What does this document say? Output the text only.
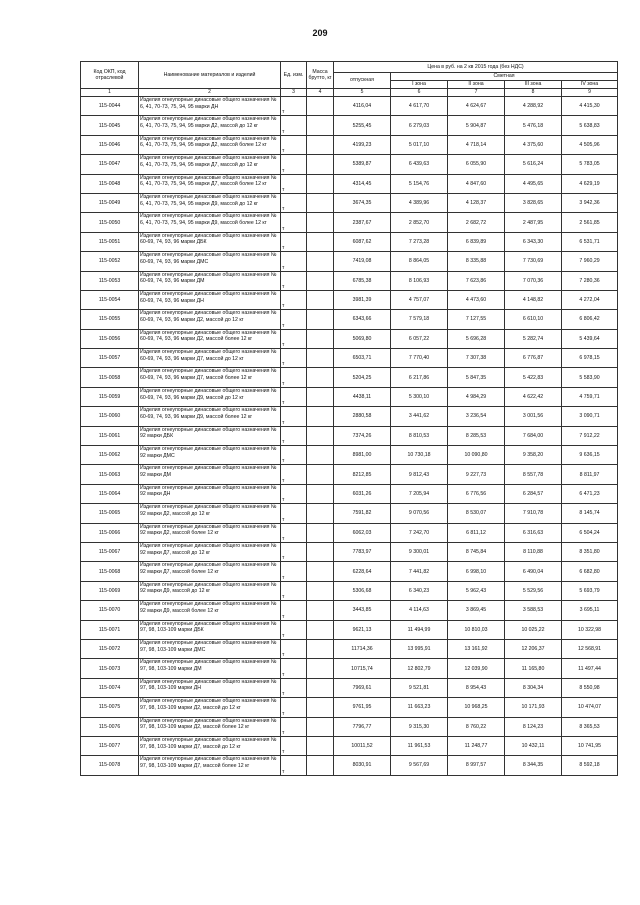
209
Код ОКП, код отраслевой	Наименование материалов и изделий	Ед. изм.	Масса брутто, кг	Цена в руб. на 2 кв 2015 года (без НДС)				
				отпускная	Сметная			
					I зона	II зона	III зона	IV зона
1	2	3	4	5	6	7	8	9
115-0044	Изделия огнеупорные динасовые общего назначения № 6, 41, 70-73, 75, 94, 95 марки ДН	т		4116,04	4 617,70	4 624,67	4 288,92	4 415,30
115-0045	Изделия огнеупорные динасовые общего назначения № 6, 41, 70-73, 75, 94, 95 марки Д2, массой до 12 кг	т		5255,45	6 279,03	5 904,87	5 476,18	5 638,83
115-0046	Изделия огнеупорные динасовые общего назначения № 6, 41, 70-73, 75, 94, 95 марки Д2, массой более 12 кг	т		4199,23	5 017,10	4 718,14	4 375,60	4 505,96
115-0047	Изделия огнеупорные динасовые общего назначения № 6, 41, 70-73, 75, 94, 95 марки Д7, массой до 12 кг	т		5389,87	6 439,63	6 055,90	5 616,24	5 783,05
115-0048	Изделия огнеупорные динасовые общего назначения № 6, 41, 70-73, 75, 94, 95 марки Д7, массой более 12 кг	т		4314,45	5 154,76	4 847,60	4 495,65	4 629,19
115-0049	Изделия огнеупорные динасовые общего назначения № 6, 41, 70-73, 75, 94, 95 марки Д9, массой до 12 кг	т		3674,35	4 389,96	4 128,37	3 828,65	3 942,36
115-0050	Изделия огнеупорные динасовые общего назначения № 6, 41, 70-73, 75, 94, 95 марки Д9, массой более 12 кг	т		2387,67	2 852,70	2 682,72	2 487,95	2 561,85
115-0051	Изделия огнеупорные динасовые общего назначения № 60-69, 74, 93, 96 марки ДБК	т		6087,62	7 273,28	6 839,89	6 343,30	6 531,71
115-0052	Изделия огнеупорные динасовые общего назначения № 60-69, 74, 93, 96 марки ДМС	т		7419,08	8 864,05	8 335,88	7 730,69	7 960,29
115-0053	Изделия огнеупорные динасовые общего назначения № 60-69, 74, 93, 96 марки ДМ	т		6785,38	8 106,93	7 623,86	7 070,36	7 280,36
115-0054	Изделия огнеупорные динасовые общего назначения № 60-69, 74, 93, 96 марки ДН	т		3981,39	4 757,07	4 473,60	4 148,82	4 272,04
115-0055	Изделия огнеупорные динасовые общего назначения № 60-69, 74, 93, 96 марки Д2, массой до 12 кг	т		6343,66	7 579,18	7 127,55	6 610,10	6 806,42
115-0056	Изделия огнеупорные динасовые общего назначения № 60-69, 74, 93, 96 марки Д2, массой более 12 кг	т		5069,80	6 057,22	5 696,28	5 282,74	5 439,64
115-0057	Изделия огнеупорные динасовые общего назначения № 60-69, 74, 93, 96 марки Д7, массой до 12 кг	т		6503,71	7 770,40	7 307,38	6 776,87	6 978,15
115-0058	Изделия огнеупорные динасовые общего назначения № 60-69, 74, 93, 96 марки Д7, массой более 12 кг	т		5204,25	6 217,86	5 847,35	5 422,83	5 583,90
115-0059	Изделия огнеупорные динасовые общего назначения № 60-69, 74, 93, 96 марки Д9, массой до 12 кг	т		4438,11	5 300,10	4 984,29	4 622,42	4 759,71
115-0060	Изделия огнеупорные динасовые общего назначения № 60-69, 74, 93, 96 марки Д9, массой более 12 кг	т		2880,58	3 441,62	3 236,54	3 001,56	3 090,71
115-0061	Изделия огнеупорные динасовые общего назначения № 92 марки ДБК	т		7374,26	8 810,53	8 285,53	7 684,00	7 912,22
115-0062	Изделия огнеупорные динасовые общего назначения № 92 марки ДМС	т		8981,00	10 730,18	10 090,80	9 358,20	9 636,15
115-0063	Изделия огнеупорные динасовые общего назначения № 92 марки ДМ	т		8212,85	9 812,43	9 227,73	8 557,78	8 811,97
115-0064	Изделия огнеупорные динасовые общего назначения № 92 марки ДН	т		6031,26	7 205,94	6 776,56	6 284,57	6 471,23
115-0065	Изделия огнеупорные динасовые общего назначения № 92 марки Д2, массой до 12 кг	т		7591,82	9 070,56	8 530,07	7 910,78	8 145,74
115-0066	Изделия огнеупорные динасовые общего назначения № 92 марки Д2, массой более 12 кг	т		6062,03	7 242,70	6 811,12	6 316,63	6 504,24
115-0067	Изделия огнеупорные динасовые общего назначения № 92 марки Д7, массой до 12 кг	т		7783,97	9 300,01	8 745,84	8 110,88	8 351,80
115-0068	Изделия огнеупорные динасовые общего назначения № 92 марки Д7, массой более 12 кг	т		6228,64	7 441,82	6 998,10	6 490,04	6 682,80
115-0069	Изделия огнеупорные динасовые общего назначения № 92 марки Д9, массой до 12 кг	т		5306,68	6 340,23	5 962,43	5 529,56	5 693,79
115-0070	Изделия огнеупорные динасовые общего назначения № 92 марки Д9, массой более 12 кг	т		3443,85	4 114,63	3 869,45	3 588,53	3 695,11
115-0071	Изделия огнеупорные динасовые общего назначения № 97, 98, 103-109 марки ДБК	т		9621,13	11 494,99	10 810,03	10 025,22	10 322,98
115-0072	Изделия огнеупорные динасовые общего назначения № 97, 98, 103-109 марки ДМС	т		11714,36	13 995,91	13 161,92	12 206,37	12 568,91
115-0073	Изделия огнеупорные динасовые общего назначения № 97, 98, 103-109 марки ДМ	т		10715,74	12 802,79	12 039,90	11 165,80	11 497,44
115-0074	Изделия огнеупорные динасовые общего назначения № 97, 98, 103-109 марки ДН	т		7969,61	9 521,81	8 954,43	8 304,34	8 550,98
115-0075	Изделия огнеупорные динасовые общего назначения № 97, 98, 103-109 марки Д2, массой до 12 кг	т		9761,95	11 663,23	10 968,25	10 171,93	10 474,07
115-0076	Изделия огнеупорные динасовые общего назначения № 97, 98, 103-109 марки Д2, массой более 12 кг	т		7796,77	9 315,30	8 760,22	8 124,23	8 365,53
115-0077	Изделия огнеупорные динасовые общего назначения № 97, 98, 103-109 марки Д7, массой до 12 кг	т		10011,52	11 961,53	11 248,77	10 432,11	10 741,95
115-0078	Изделия огнеупорные динасовые общего назначения № 97, 98, 103-109 марки Д7, массой более 12 кг	т		8030,91	9 567,69	8 997,57	8 344,35	8 592,18
